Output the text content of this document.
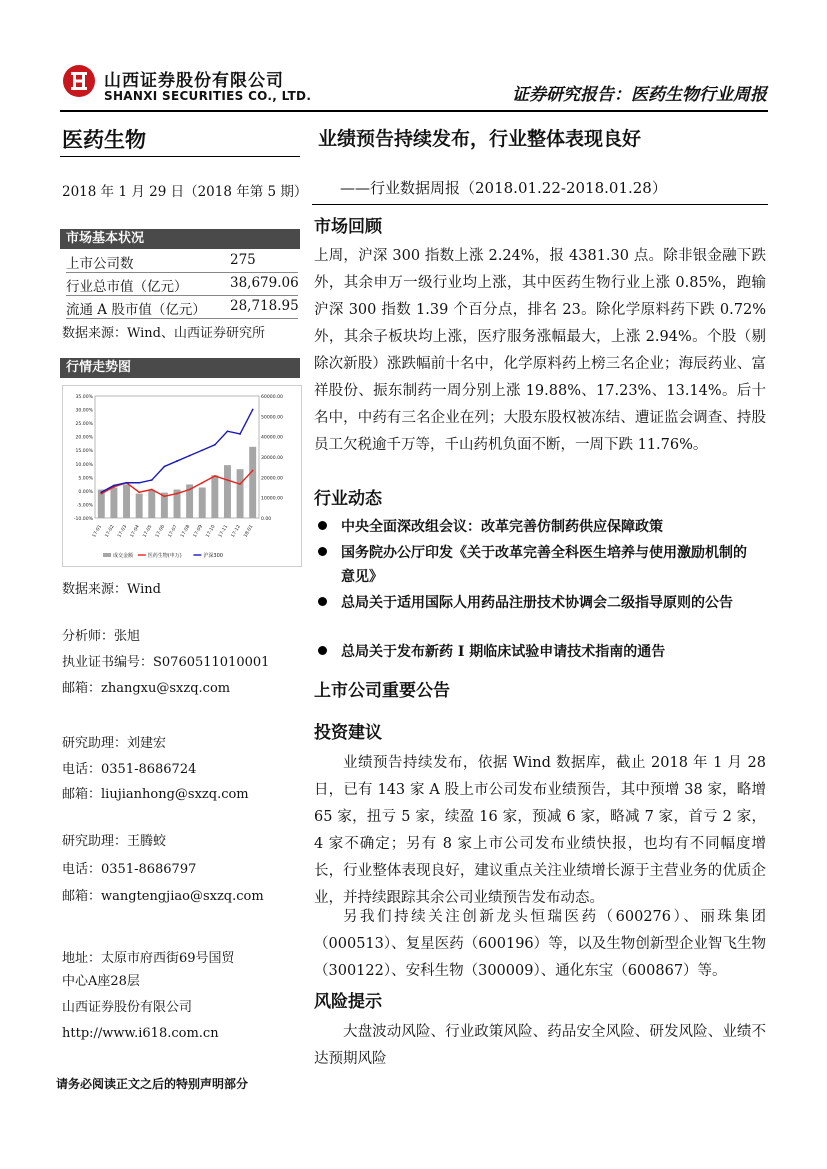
山西证券股份有限公司
SHANXI SECURITIES CO., LTD.	证券研究报告：医药生物行业周报
医药生物	业绩预告持续发布，行业整体表现良好
2018 年 1 月 29 日（2018 年第 5 期） ——行业数据周报（2018.01.22-2018.01.28）
市场基本状况
上市公司数	275
行业总市值（亿元）	38,679.06
流通 A 股市值（亿元） 28,718.95
数据来源：Wind、山西证券研究所
行情走势图
35.00%
30.00%
25.00%
20.00%
15.00%
10.00%
5.00%
0.00%
-5.00%
-10.00%
60000.00
50000.00
40000.00
30000.00
20000.00
10000.00
0.00
17-01 17-02 17-03 17-04 17-05 17-06 17-07 17-08 17-09 17-10 17-11 17-12 18-01
成交金额	医药生物(申万)	沪深300
数据来源：Wind
分析师：张旭
执业证书编号：S0760511010001
邮箱：zhangxu@sxzq.com
研究助理：刘建宏
电话：0351-8686724
邮箱：liujianhong@sxzq.com
研究助理：王腾蛟
电话：0351-8686797
邮箱：wangtengjiao@sxzq.com
地址：太原市府西街69号国贸
中心A座28层
山西证券股份有限公司
http://www.i618.com.cn
市场回顾
上周，沪深 300 指数上涨 2.24%，报 4381.30 点。除非银金融下跌外，其余申万一级行业均上涨，其中医药生物行业上涨 0.85%，跑输沪深 300 指数 1.39 个百分点，排名 23。除化学原料药下跌 0.72% 外，其余子板块均上涨，医疗服务涨幅最大，上涨 2.94%。个股（剔除次新股）涨跌幅前十名中，化学原料药上榜三名企业；海辰药业、富祥股份、振东制药一周分别上涨 19.88%、17.23%、13.14%。后十名中，中药有三名企业在列；大股东股权被冻结、遭证监会调查、持股员工欠税逾千万等，千山药机负面不断，一周下跌 11.76%。
行业动态
中央全面深改组会议：改革完善仿制药供应保障政策
国务院办公厅印发《关于改革完善全科医生培养与使用激励机制的意见》
总局关于适用国际人用药品注册技术协调会二级指导原则的公告
总局关于发布新药 I 期临床试验申请技术指南的通告
上市公司重要公告
投资建议
业绩预告持续发布，依据 Wind 数据库，截止 2018 年 1 月 28 日，已有 143 家 A 股上市公司发布业绩预告，其中预增 38 家，略增 65 家，扭亏 5 家，续盈 16 家，预减 6 家，略减 7 家，首亏 2 家， 4 家不确定；另有 8 家上市公司发布业绩快报，也均有不同幅度增长，行业整体表现良好，建议重点关注业绩增长源于主营业务的优质企业，并持续跟踪其余公司业绩预告发布动态。
另我们持续关注创新龙头恒瑞医药（600276）、丽珠集团（000513）、复星医药（600196）等，以及生物创新型企业智飞生物（300122）、安科生物（300009）、通化东宝（600867）等。
风险提示
大盘波动风险、行业政策风险、药品安全风险、研发风险、业绩不达预期风险
请务必阅读正文之后的特别声明部分
